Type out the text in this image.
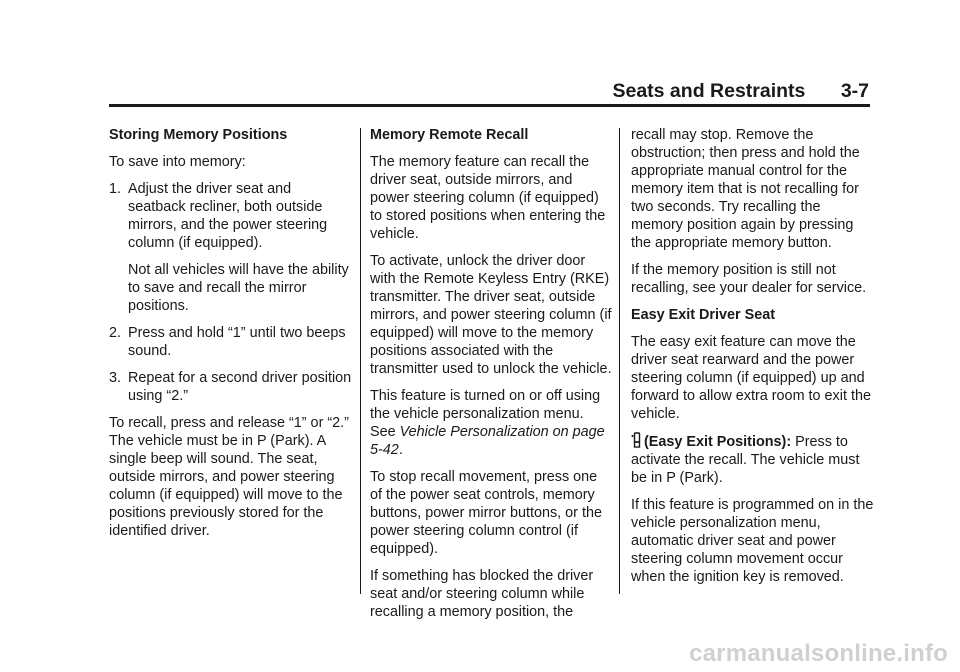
Seats and Restraints 3-7

Storing Memory Positions

To save into memory:

1. Adjust the driver seat and seatback recliner, both outside mirrors, and the power steering column (if equipped).

Not all vehicles will have the ability to save and recall the mirror positions.

2. Press and hold “1” until two beeps sound.
3. Repeat for a second driver position using “2.”

To recall, press and release “1” or “2.” The vehicle must be in P (Park). A single beep will sound. The seat, outside mirrors, and power steering column (if equipped) will move to the positions previously stored for the identified driver.

Memory Remote Recall

The memory feature can recall the driver seat, outside mirrors, and power steering column (if equipped) to stored positions when entering the vehicle.

To activate, unlock the driver door with the Remote Keyless Entry (RKE) transmitter. The driver seat, outside mirrors, and power steering column (if equipped) will move to the memory positions associated with the transmitter used to unlock the vehicle.

This feature is turned on or off using the vehicle personalization menu. See Vehicle Personalization on page 5-42.

To stop recall movement, press one of the power seat controls, memory buttons, power mirror buttons, or the power steering column control (if equipped).

If something has blocked the driver seat and/or steering column while recalling a memory position, the

recall may stop. Remove the obstruction; then press and hold the appropriate manual control for the memory item that is not recalling for two seconds. Try recalling the memory position again by pressing the appropriate memory button.

If the memory position is still not recalling, see your dealer for service.

Easy Exit Driver Seat

The easy exit feature can move the driver seat rearward and the power steering column (if equipped) up and forward to allow extra room to exit the vehicle.

(Easy Exit Positions): Press to activate the recall. The vehicle must be in P (Park).

If this feature is programmed on in the vehicle personalization menu, automatic driver seat and power steering column movement occur when the ignition key is removed.

carmanualsonline.info
